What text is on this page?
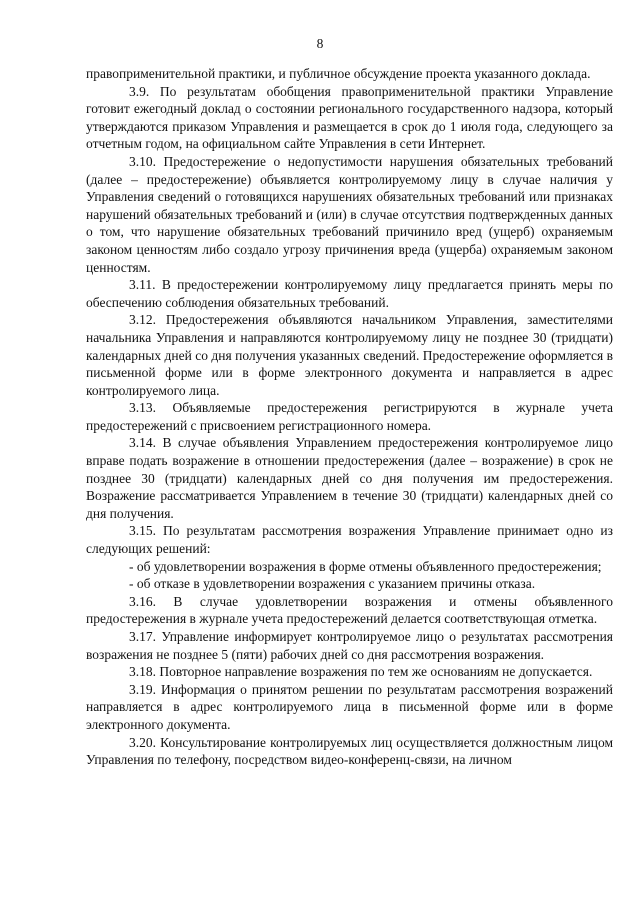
8

правоприменительной практики, и публичное обсуждение проекта указанного доклада.

3.9. По результатам обобщения правоприменительной практики Управление готовит ежегодный доклад о состоянии регионального государственного надзора, который утверждаются приказом Управления и размещается в срок до 1 июля года, следующего за отчетным годом, на официальном сайте Управления в сети Интернет.

3.10. Предостережение о недопустимости нарушения обязательных требований (далее – предостережение) объявляется контролируемому лицу в случае наличия у Управления сведений о готовящихся нарушениях обязательных требований или признаках нарушений обязательных требований и (или) в случае отсутствия подтвержденных данных о том, что нарушение обязательных требований причинило вред (ущерб) охраняемым законом ценностям либо создало угрозу причинения вреда (ущерба) охраняемым законом ценностям.

3.11. В предостережении контролируемому лицу предлагается принять меры по обеспечению соблюдения обязательных требований.

3.12. Предостережения объявляются начальником Управления, заместителями начальника Управления и направляются контролируемому лицу не позднее 30 (тридцати) календарных дней со дня получения указанных сведений. Предостережение оформляется в письменной форме или в форме электронного документа и направляется в адрес контролируемого лица.

3.13. Объявляемые предостережения регистрируются в журнале учета предостережений с присвоением регистрационного номера.

3.14. В случае объявления Управлением предостережения контролируемое лицо вправе подать возражение в отношении предостережения (далее – возражение) в срок не позднее 30 (тридцати) календарных дней со дня получения им предостережения. Возражение рассматривается Управлением в течение 30 (тридцати) календарных дней со дня получения.

3.15. По результатам рассмотрения возражения Управление принимает одно из следующих решений:

- об удовлетворении возражения в форме отмены объявленного предостережения;

- об отказе в удовлетворении возражения с указанием причины отказа.

3.16. В случае удовлетворении возражения и отмены объявленного предостережения в журнале учета предостережений делается соответствующая отметка.

3.17. Управление информирует контролируемое лицо о результатах рассмотрения возражения не позднее 5 (пяти) рабочих дней со дня рассмотрения возражения.

3.18. Повторное направление возражения по тем же основаниям не допускается.

3.19. Информация о принятом решении по результатам рассмотрения возражений направляется в адрес контролируемого лица в письменной форме или в форме электронного документа.

3.20. Консультирование контролируемых лиц осуществляется должностным лицом Управления по телефону, посредством видео-конференц-связи, на личном
